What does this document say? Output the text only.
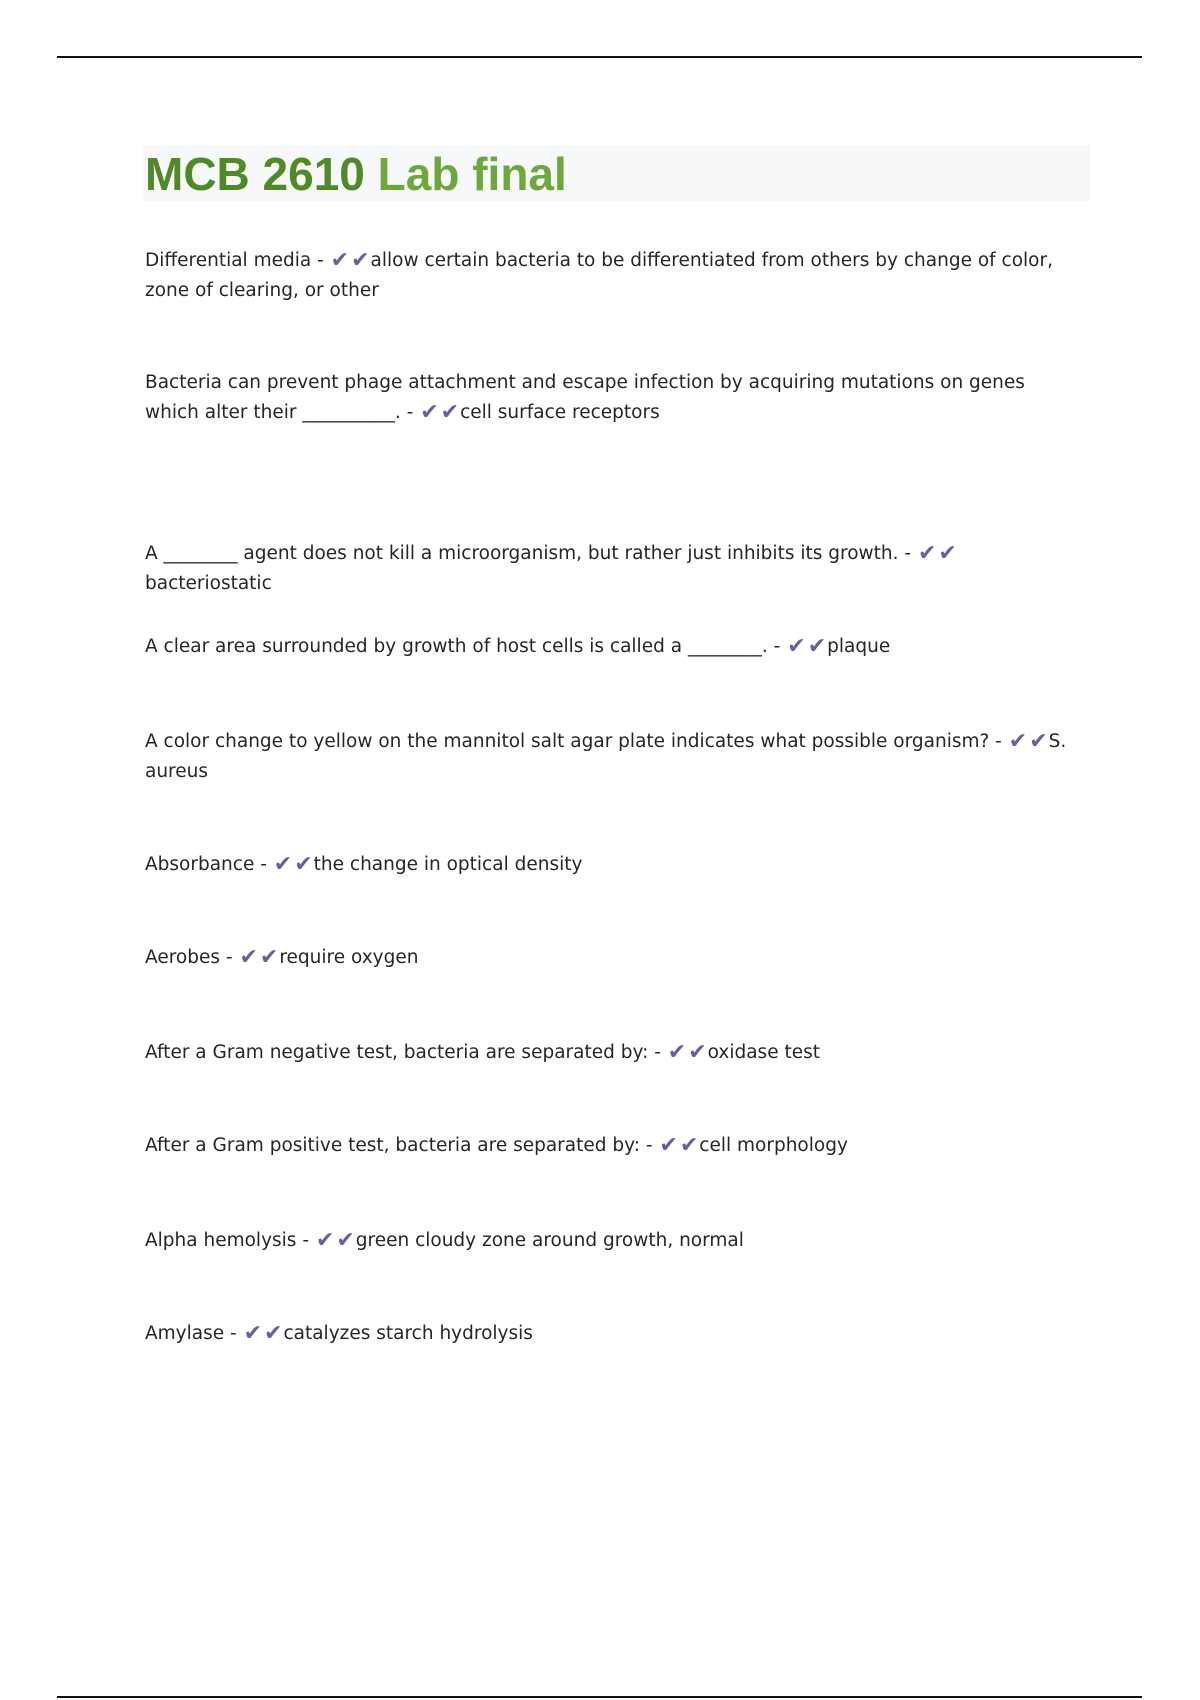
MCB 2610 Lab final

Differential media - ✔✔allow certain bacteria to be differentiated from others by change of color, zone of clearing, or other

Bacteria can prevent phage attachment and escape infection by acquiring mutations on genes which alter their __________. - ✔✔cell surface receptors

A ________ agent does not kill a microorganism, but rather just inhibits its growth. - ✔✔bacteriostatic

A clear area surrounded by growth of host cells is called a ________. - ✔✔plaque

A color change to yellow on the mannitol salt agar plate indicates what possible organism? - ✔✔S. aureus

Absorbance - ✔✔the change in optical density

Aerobes - ✔✔require oxygen

After a Gram negative test, bacteria are separated by: - ✔✔oxidase test

After a Gram positive test, bacteria are separated by: - ✔✔cell morphology

Alpha hemolysis - ✔✔green cloudy zone around growth, normal

Amylase - ✔✔catalyzes starch hydrolysis
